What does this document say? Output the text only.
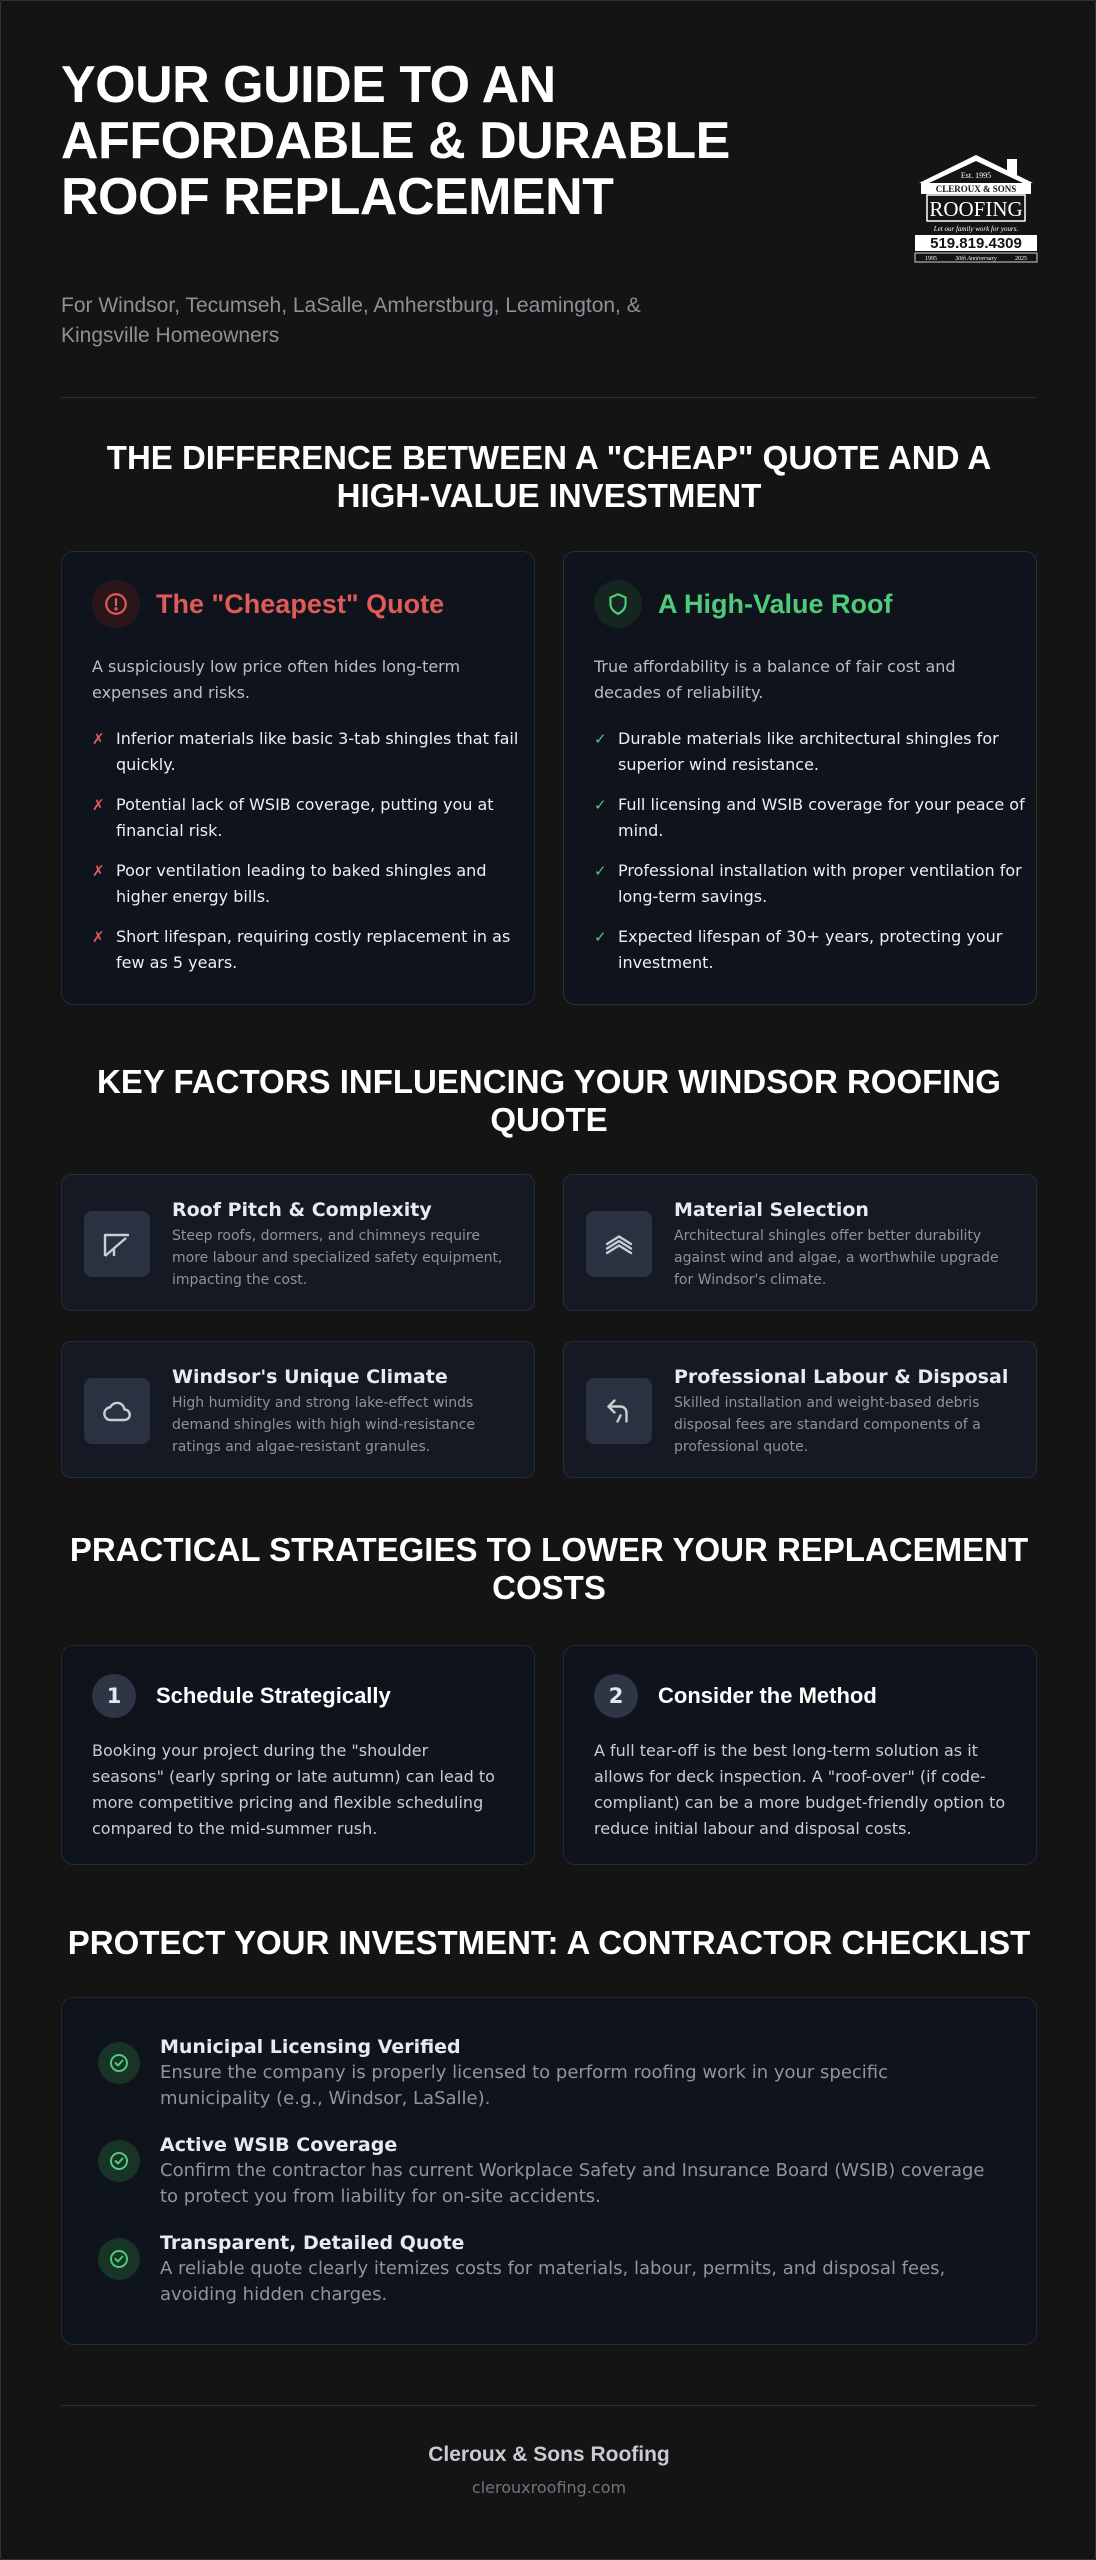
YOUR GUIDE TO AN AFFORDABLE & DURABLE ROOF REPLACEMENT

For Windsor, Tecumseh, LaSalle, Amherstburg, Leamington, & Kingsville Homeowners

Est. 1995
CLEROUX & SONS
ROOFING
Let our family work for yours.
519.819.4309
1995	30th Anniversary	2025
THE DIFFERENCE BETWEEN A "CHEAP" QUOTE AND A HIGH-VALUE INVESTMENT
The "Cheapest" Quote

A suspiciously low price often hides long-term expenses and risks.

✗ Inferior materials like basic 3-tab shingles that fail quickly.
✗ Potential lack of WSIB coverage, putting you at financial risk.
✗ Poor ventilation leading to baked shingles and higher energy bills.
✗ Short lifespan, requiring costly replacement in as few as 5 years.
A High-Value Roof

True affordability is a balance of fair cost and decades of reliability.

✓ Durable materials like architectural shingles for superior wind resistance.
✓ Full licensing and WSIB coverage for your peace of mind.
✓ Professional installation with proper ventilation for long-term savings.
✓ Expected lifespan of 30+ years, protecting your investment.
KEY FACTORS INFLUENCING YOUR WINDSOR ROOFING QUOTE
Roof Pitch & Complexity
Steep roofs, dormers, and chimneys require more labour and specialized safety equipment, impacting the cost.
Material Selection
Architectural shingles offer better durability against wind and algae, a worthwhile upgrade for Windsor's climate.
Windsor's Unique Climate
High humidity and strong lake-effect winds demand shingles with high wind-resistance ratings and algae-resistant granules.
Professional Labour & Disposal
Skilled installation and weight-based debris disposal fees are standard components of a professional quote.
PRACTICAL STRATEGIES TO LOWER YOUR REPLACEMENT COSTS
1	Schedule Strategically

Booking your project during the "shoulder seasons" (early spring or late autumn) can lead to more competitive pricing and flexible scheduling compared to the mid-summer rush.

2	Consider the Method

A full tear-off is the best long-term solution as it allows for deck inspection. A "roof-over" (if code-compliant) can be a more budget-friendly option to reduce initial labour and disposal costs.

PROTECT YOUR INVESTMENT: A CONTRACTOR CHECKLIST
Municipal Licensing Verified
Ensure the company is properly licensed to perform roofing work in your specific municipality (e.g., Windsor, LaSalle).
Active WSIB Coverage
Confirm the contractor has current Workplace Safety and Insurance Board (WSIB) coverage to protect you from liability for on-site accidents.
Transparent, Detailed Quote
A reliable quote clearly itemizes costs for materials, labour, permits, and disposal fees, avoiding hidden charges.
Cleroux & Sons Roofing
clerouxroofing.com
